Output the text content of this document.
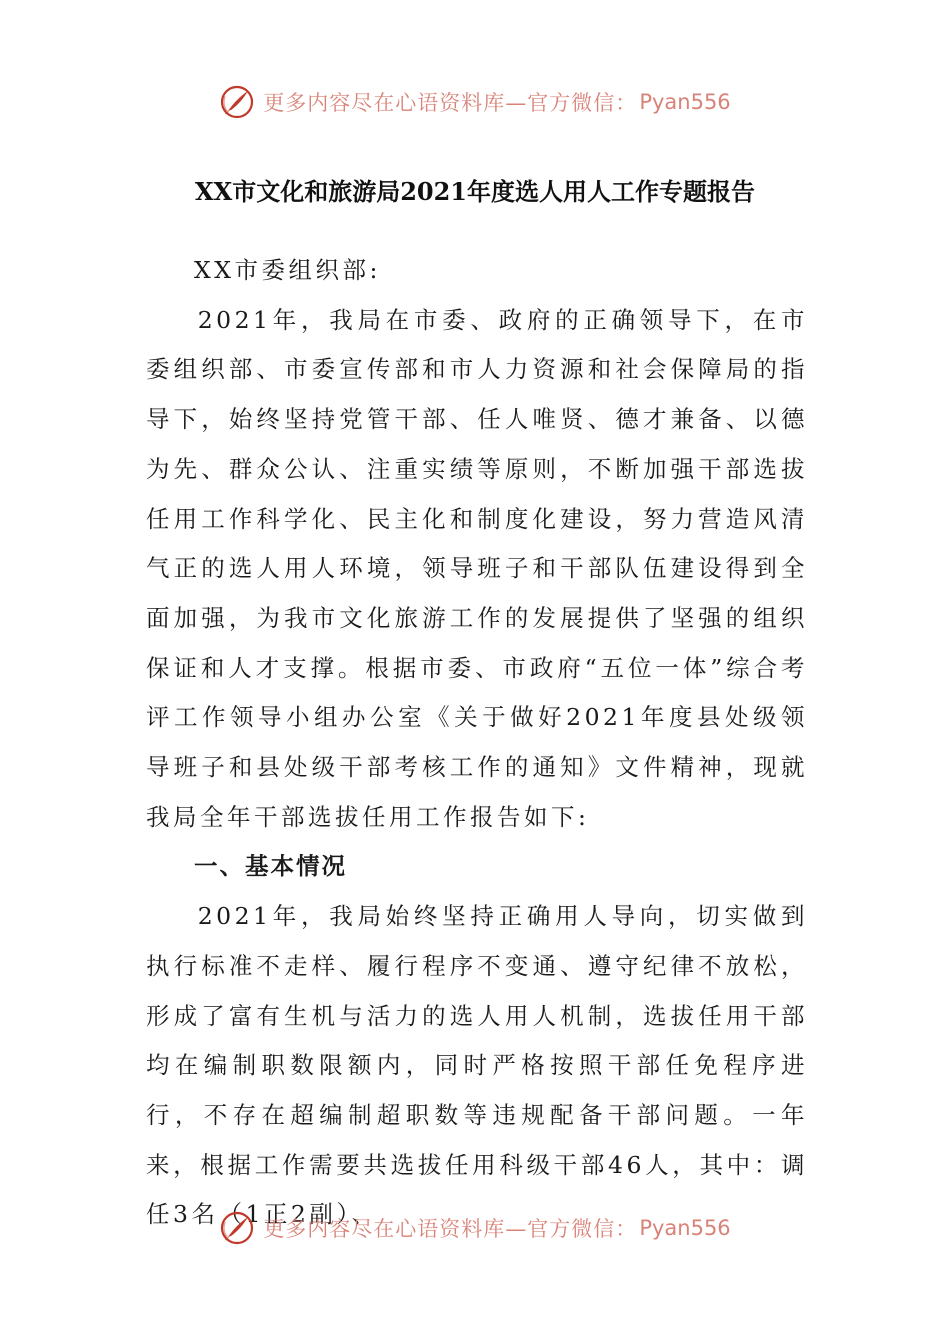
更多内容尽在心语资料库—官方微信： Pyan556
XX市文化和旅游局2021年度选人用人工作专题报告

XX市委组织部:

2021年，我局在市委、政府的正确领导下，在市委组织部、市委宣传部和市人力资源和社会保障局的指导下，始终坚持党管干部、任人唯贤、德才兼备、以德为先、群众公认、注重实绩等原则，不断加强干部选拔任用工作科学化、民主化和制度化建设，努力营造风清气正的选人用人环境，领导班子和干部队伍建设得到全面加强，为我市文化旅游工作的发展提供了坚强的组织保证和人才支撑。根据市委、市政府“五位一体”综合考评工作领导小组办公室《关于做好2021年度县处级领导班子和县处级干部考核工作的通知》文件精神，现就我局全年干部选拔任用工作报告如下:

一、基本情况

2021年，我局始终坚持正确用人导向，切实做到执行标准不走样、履行程序不变通、遵守纪律不放松，形成了富有生机与活力的选人用人机制，选拔任用干部均在编制职数限额内，同时严格按照干部任免程序进行，不存在超编制超职数等违规配备干部问题。一年来，根据工作需要共选拔任用科级干部46人，其中：调任3名（1正2副）、

更多内容尽在心语资料库—官方微信： Pyan556
